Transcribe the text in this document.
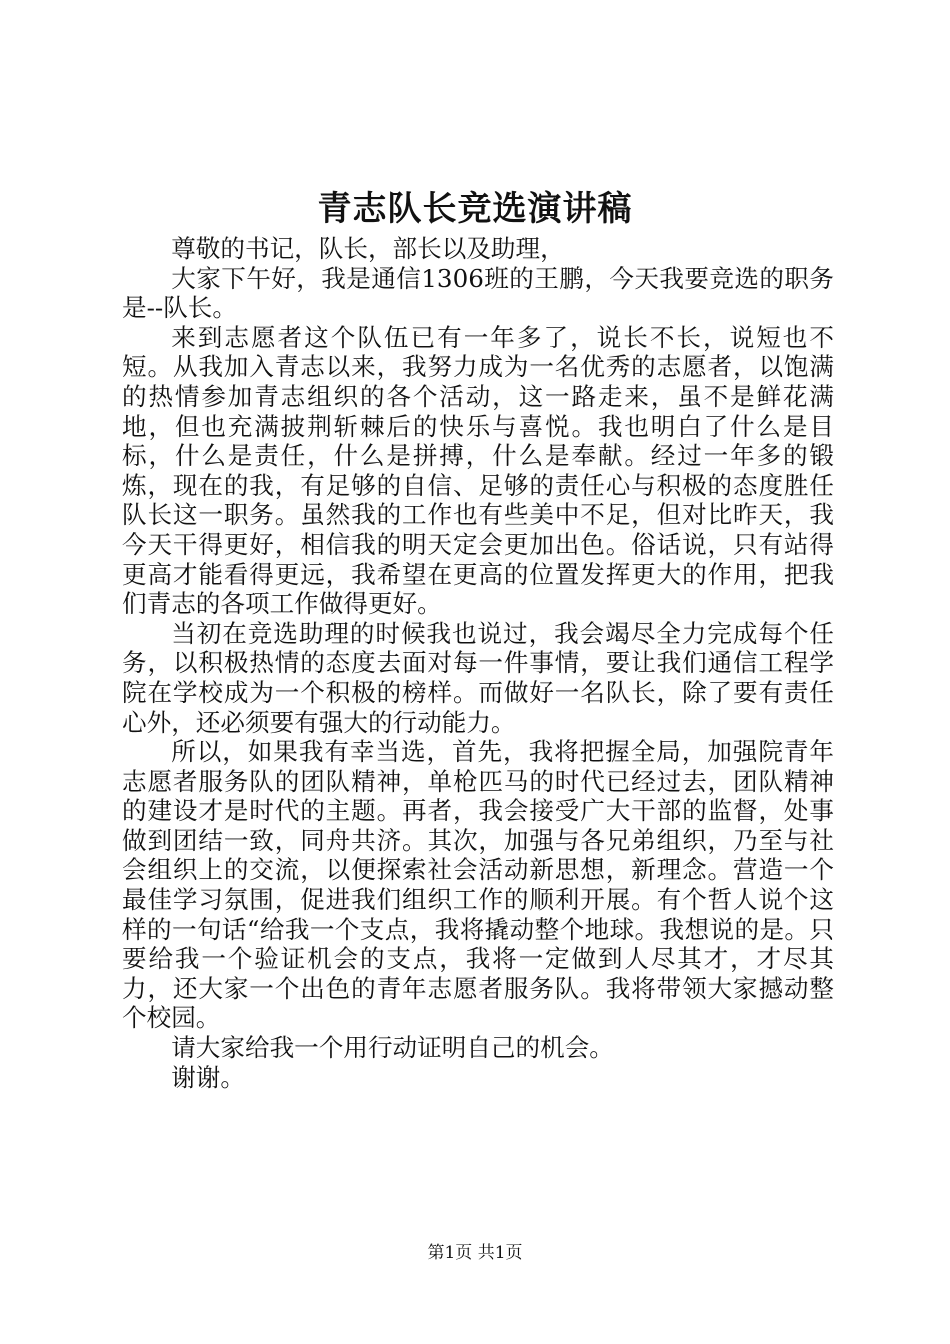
青志队长竞选演讲稿

尊敬的书记，队长，部长以及助理，

大家下午好，我是通信1306班的王鹏，今天我要竞选的职务是--队长。

来到志愿者这个队伍已有一年多了，说长不长，说短也不短。从我加入青志以来，我努力成为一名优秀的志愿者，以饱满的热情参加青志组织的各个活动，这一路走来，虽不是鲜花满地，但也充满披荆斩棘后的快乐与喜悦。我也明白了什么是目标，什么是责任，什么是拼搏，什么是奉献。经过一年多的锻炼，现在的我，有足够的自信、足够的责任心与积极的态度胜任队长这一职务。虽然我的工作也有些美中不足，但对比昨天，我今天干得更好，相信我的明天定会更加出色。俗话说，只有站得更高才能看得更远，我希望在更高的位置发挥更大的作用，把我们青志的各项工作做得更好。

当初在竞选助理的时候我也说过，我会竭尽全力完成每个任务，以积极热情的态度去面对每一件事情，要让我们通信工程学院在学校成为一个积极的榜样。而做好一名队长，除了要有责任心外，还必须要有强大的行动能力。

所以，如果我有幸当选，首先，我将把握全局，加强院青年志愿者服务队的团队精神，单枪匹马的时代已经过去，团队精神的建设才是时代的主题。再者，我会接受广大干部的监督，处事做到团结一致，同舟共济。其次，加强与各兄弟组织，乃至与社会组织上的交流，以便探索社会活动新思想，新理念。营造一个最佳学习氛围，促进我们组织工作的顺利开展。有个哲人说个这样的一句话“给我一个支点，我将撬动整个地球。我想说的是。只要给我一个验证机会的支点，我将一定做到人尽其才，才尽其力，还大家一个出色的青年志愿者服务队。我将带领大家撼动整个校园。

请大家给我一个用行动证明自己的机会。

谢谢。

第1页 共1页
